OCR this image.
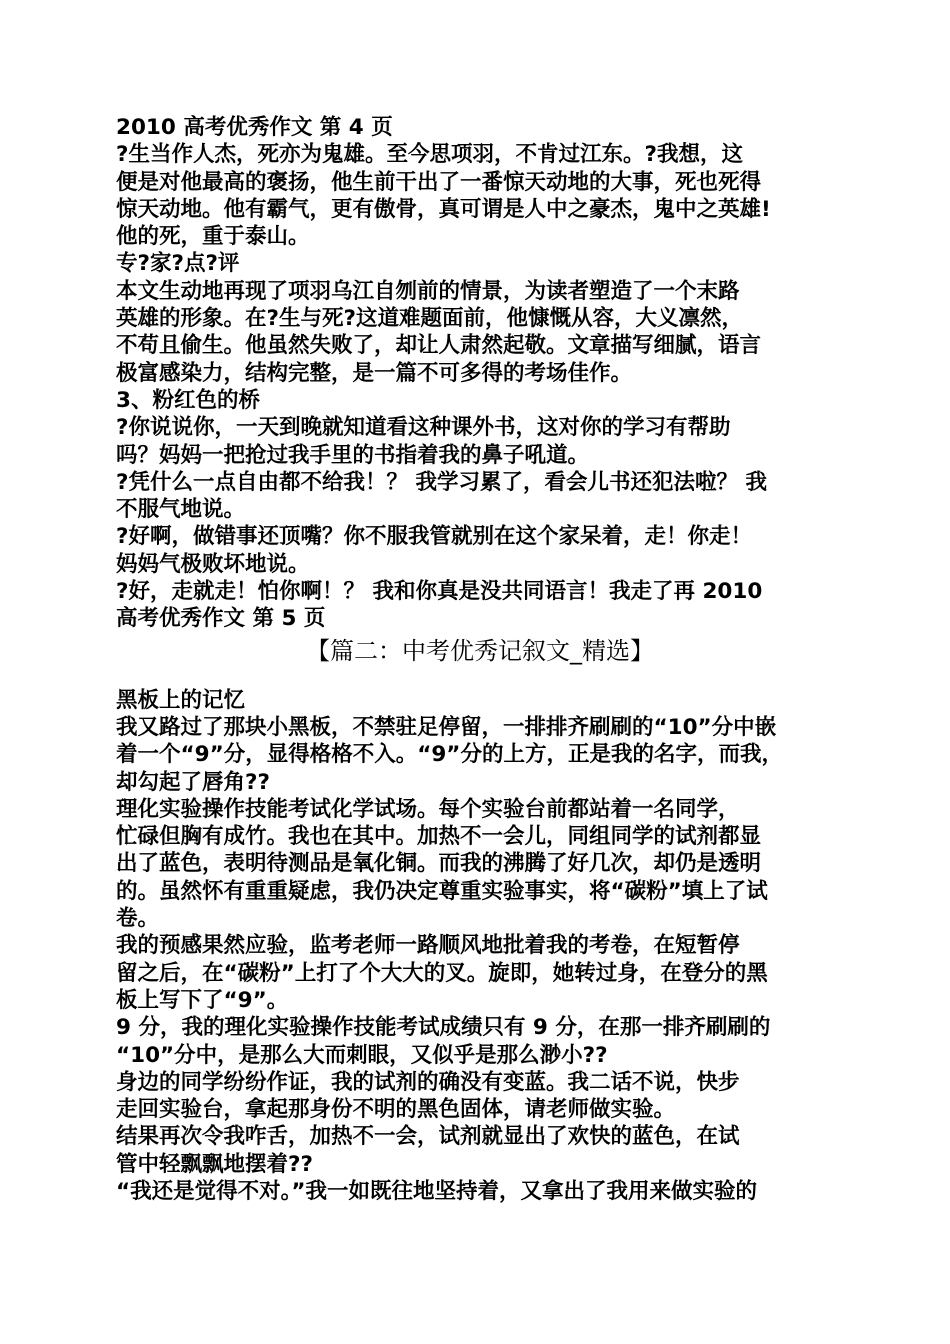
2010 高考优秀作文 第 4 页
?生当作人杰，死亦为鬼雄。至今思项羽，不肯过江东。?我想，这
便是对他最高的褒扬，他生前干出了一番惊天动地的大事，死也死得
惊天动地。他有霸气，更有傲骨，真可谓是人中之豪杰，鬼中之英雄!
他的死，重于泰山。
专?家?点?评
本文生动地再现了项羽乌江自刎前的情景，为读者塑造了一个末路
英雄的形象。在?生与死?这道难题面前，他慷慨从容，大义凛然，
不苟且偷生。他虽然失败了，却让人肃然起敬。文章描写细腻，语言
极富感染力，结构完整，是一篇不可多得的考场佳作。
3、粉红色的桥
?你说说你，一天到晚就知道看这种课外书，这对你的学习有帮助
吗？妈妈一把抢过我手里的书指着我的鼻子吼道。
?凭什么一点自由都不给我！？ 我学习累了，看会儿书还犯法啦？ 我
不服气地说。
?好啊，做错事还顶嘴？你不服我管就别在这个家呆着，走！你走！
妈妈气极败坏地说。
?好，走就走！怕你啊！？ 我和你真是没共同语言！我走了再 2010
高考优秀作文 第 5 页
【篇二：中考优秀记叙文_精选】
黑板上的记忆
我又路过了那块小黑板，不禁驻足停留，一排排齐刷刷的“10”分中嵌
着一个“9”分，显得格格不入。“9”分的上方，正是我的名字，而我，
却勾起了唇角??
理化实验操作技能考试化学试场。每个实验台前都站着一名同学，
忙碌但胸有成竹。我也在其中。加热不一会儿，同组同学的试剂都显
出了蓝色，表明待测品是氧化铜。而我的沸腾了好几次，却仍是透明
的。虽然怀有重重疑虑，我仍决定尊重实验事实，将“碳粉”填上了试
卷。
我的预感果然应验，监考老师一路顺风地批着我的考卷，在短暂停
留之后，在“碳粉”上打了个大大的叉。旋即，她转过身，在登分的黑
板上写下了“9”。
9 分，我的理化实验操作技能考试成绩只有 9 分，在那一排齐刷刷的
“10”分中，是那么大而刺眼，又似乎是那么渺小??
身边的同学纷纷作证，我的试剂的确没有变蓝。我二话不说，快步
走回实验台，拿起那身份不明的黑色固体，请老师做实验。
结果再次令我咋舌，加热不一会，试剂就显出了欢快的蓝色，在试
管中轻飘飘地摆着??
“我还是觉得不对。”我一如既往地坚持着，又拿出了我用来做实验的
